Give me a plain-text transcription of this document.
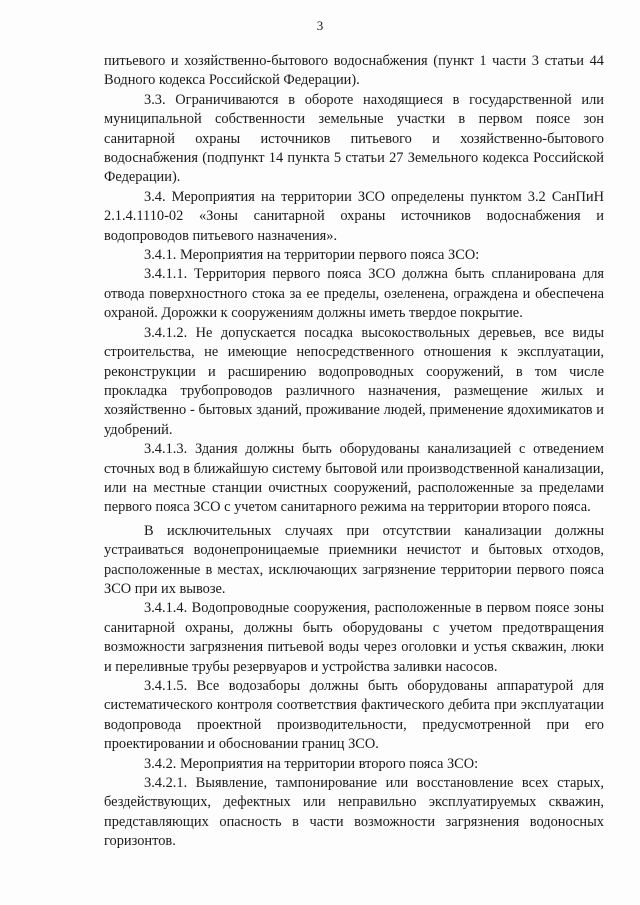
3

питьевого и хозяйственно-бытового водоснабжения (пункт 1 части 3 статьи 44 Водного кодекса Российской Федерации).

3.3. Ограничиваются в обороте находящиеся в государственной или муниципальной собственности земельные участки в первом поясе зон санитарной охраны источников питьевого и хозяйственно-бытового водоснабжения (подпункт 14 пункта 5 статьи 27 Земельного кодекса Российской Федерации).

3.4. Мероприятия на территории ЗСО определены пунктом 3.2 СанПиН 2.1.4.1110-02 «Зоны санитарной охраны источников водоснабжения и водопроводов питьевого назначения».

3.4.1. Мероприятия на территории первого пояса ЗСО:

3.4.1.1. Территория первого пояса ЗСО должна быть спланирована для отвода поверхностного стока за ее пределы, озеленена, ограждена и обеспечена охраной. Дорожки к сооружениям должны иметь твердое покрытие.

3.4.1.2. Не допускается посадка высокоствольных деревьев, все виды строительства, не имеющие непосредственного отношения к эксплуатации, реконструкции и расширению водопроводных сооружений, в том числе прокладка трубопроводов различного назначения, размещение жилых и хозяйственно - бытовых зданий, проживание людей, применение ядохимикатов и удобрений.

3.4.1.3. Здания должны быть оборудованы канализацией с отведением сточных вод в ближайшую систему бытовой или производственной канализации, или на местные станции очистных сооружений, расположенные за пределами первого пояса ЗСО с учетом санитарного режима на территории второго пояса.

В исключительных случаях при отсутствии канализации должны устраиваться водонепроницаемые приемники нечистот и бытовых отходов, расположенные в местах, исключающих загрязнение территории первого пояса ЗСО при их вывозе.

3.4.1.4. Водопроводные сооружения, расположенные в первом поясе зоны санитарной охраны, должны быть оборудованы с учетом предотвращения возможности загрязнения питьевой воды через оголовки и устья скважин, люки и переливные трубы резервуаров и устройства заливки насосов.

3.4.1.5. Все водозаборы должны быть оборудованы аппаратурой для систематического контроля соответствия фактического дебита при эксплуатации водопровода проектной производительности, предусмотренной при его проектировании и обосновании границ ЗСО.

3.4.2. Мероприятия на территории второго пояса ЗСО:

3.4.2.1. Выявление, тампонирование или восстановление всех старых, бездействующих, дефектных или неправильно эксплуатируемых скважин, представляющих опасность в части возможности загрязнения водоносных горизонтов.
